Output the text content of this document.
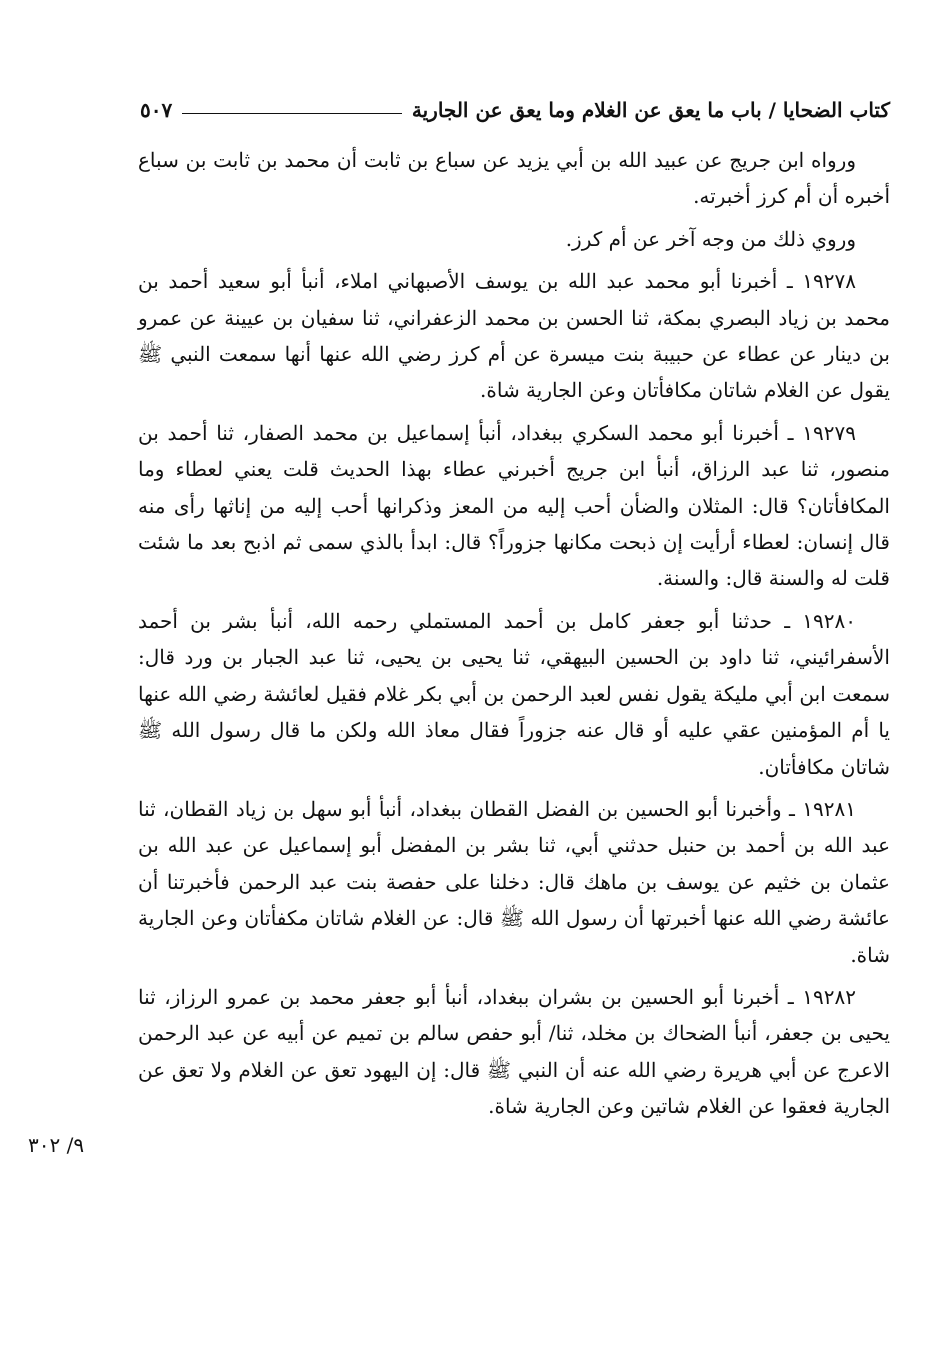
كتاب الضحايا / باب ما يعق عن الغلام وما يعق عن الجارية
٥٠٧

ورواه ابن جريج عن عبيد الله بن أبي يزيد عن سباع بن ثابت أن محمد بن ثابت بن سباع أخبره أن أم كرز أخبرته.

وروي ذلك من وجه آخر عن أم كرز.

١٩٢٧٨ ـ أخبرنا أبو محمد عبد الله بن يوسف الأصبهاني املاء، أنبأ أبو سعيد أحمد بن محمد بن زياد البصري بمكة، ثنا الحسن بن محمد الزعفراني، ثنا سفيان بن عيينة عن عمرو بن دينار عن عطاء عن حبيبة بنت ميسرة عن أم كرز رضي الله عنها أنها سمعت النبي ﷺ يقول عن الغلام شاتان مكافأتان وعن الجارية شاة.

١٩٢٧٩ ـ أخبرنا أبو محمد السكري ببغداد، أنبأ إسماعيل بن محمد الصفار، ثنا أحمد بن منصور، ثنا عبد الرزاق، أنبأ ابن جريج أخبرني عطاء بهذا الحديث قلت يعني لعطاء وما المكافأتان؟ قال: المثلان والضأن أحب إليه من المعز وذكرانها أحب إليه من إناثها رأى منه قال إنسان: لعطاء أرأيت إن ذبحت مكانها جزوراً؟ قال: ابدأ بالذي سمى ثم اذبح بعد ما شئت قلت له والسنة قال: والسنة.

١٩٢٨٠ ـ حدثنا أبو جعفر كامل بن أحمد المستملي رحمه الله، أنبأ بشر بن أحمد الأسفرائيني، ثنا داود بن الحسين البيهقي، ثنا يحيى بن يحيى، ثنا عبد الجبار بن ورد قال: سمعت ابن أبي مليكة يقول نفس لعبد الرحمن بن أبي بكر غلام فقيل لعائشة رضي الله عنها يا أم المؤمنين عقي عليه أو قال عنه جزوراً فقال معاذ الله ولكن ما قال رسول الله ﷺ شاتان مكافأتان.

١٩٢٨١ ـ وأخبرنا أبو الحسين بن الفضل القطان ببغداد، أنبأ أبو سهل بن زياد القطان، ثنا عبد الله بن أحمد بن حنبل حدثني أبي، ثنا بشر بن المفضل أبو إسماعيل عن عبد الله بن عثمان بن خثيم عن يوسف بن ماهك قال: دخلنا على حفصة بنت عبد الرحمن فأخبرتنا أن عائشة رضي الله عنها أخبرتها أن رسول الله ﷺ قال: عن الغلام شاتان مكفأتان وعن الجارية شاة.

١٩٢٨٢ ـ أخبرنا أبو الحسين بن بشران ببغداد، أنبأ أبو جعفر محمد بن عمرو الرزاز، ثنا يحيى بن جعفر، أنبأ الضحاك بن مخلد، ثنا/ أبو حفص سالم بن تميم عن أبيه عن عبد الرحمن الاعرج عن أبي هريرة رضي الله عنه أن النبي ﷺ قال: إن اليهود تعق عن الغلام ولا تعق عن الجارية فعقوا عن الغلام شاتين وعن الجارية شاة.

٩/ ٣٠٢
